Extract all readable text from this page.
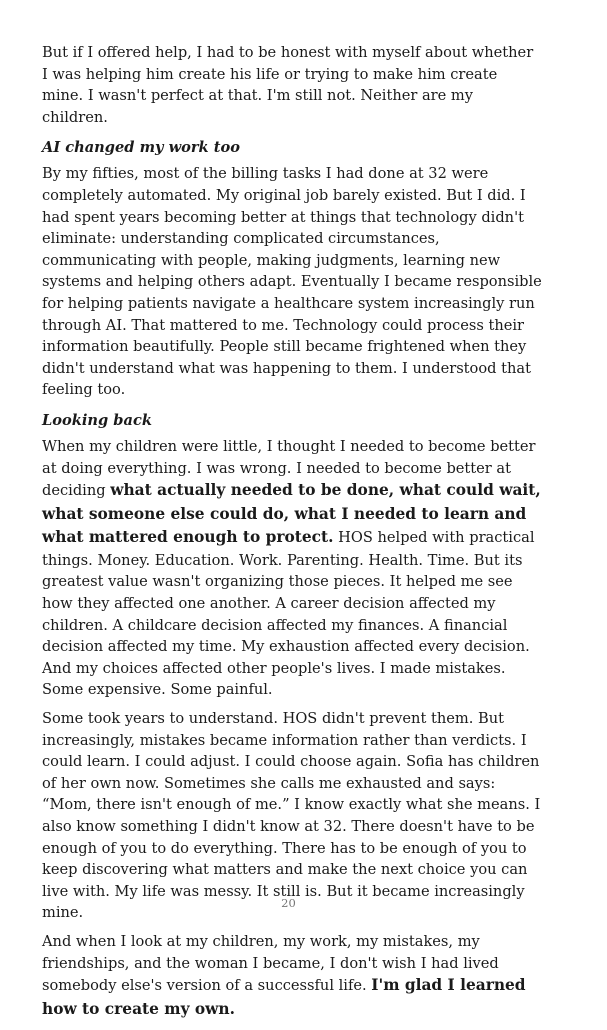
But if I offered help, I had to be honest with myself about whether I was helping him create his life or trying to make him create mine. I wasn't perfect at that. I'm still not. Neither are my children.

AI changed my work too

By my fifties, most of the billing tasks I had done at 32 were completely automated. My original job barely existed. But I did. I had spent years becoming better at things that technology didn't eliminate: understanding complicated circumstances, communicating with people, making judgments, learning new systems and helping others adapt. Eventually I became responsible for helping patients navigate a healthcare system increasingly run through AI. That mattered to me. Technology could process their information beautifully. People still became frightened when they didn't understand what was happening to them. I understood that feeling too.

Looking back

When my children were little, I thought I needed to become better at doing everything. I was wrong. I needed to become better at deciding what actually needed to be done, what could wait, what someone else could do, what I needed to learn and what mattered enough to protect. HOS helped with practical things. Money. Education. Work. Parenting. Health. Time. But its greatest value wasn't organizing those pieces. It helped me see how they affected one another. A career decision affected my children. A childcare decision affected my finances. A financial decision affected my time. My exhaustion affected every decision. And my choices affected other people's lives. I made mistakes. Some expensive. Some painful.

Some took years to understand. HOS didn't prevent them. But increasingly, mistakes became information rather than verdicts. I could learn. I could adjust. I could choose again. Sofia has children of her own now. Sometimes she calls me exhausted and says: “Mom, there isn't enough of me.” I know exactly what she means. I also know something I didn't know at 32. There doesn't have to be enough of you to do everything. There has to be enough of you to keep discovering what matters and make the next choice you can live with. My life was messy. It still is. But it became increasingly mine.

And when I look at my children, my work, my mistakes, my friendships, and the woman I became, I don't wish I had lived somebody else's version of a successful life. I'm glad I learned how to create my own.

20
